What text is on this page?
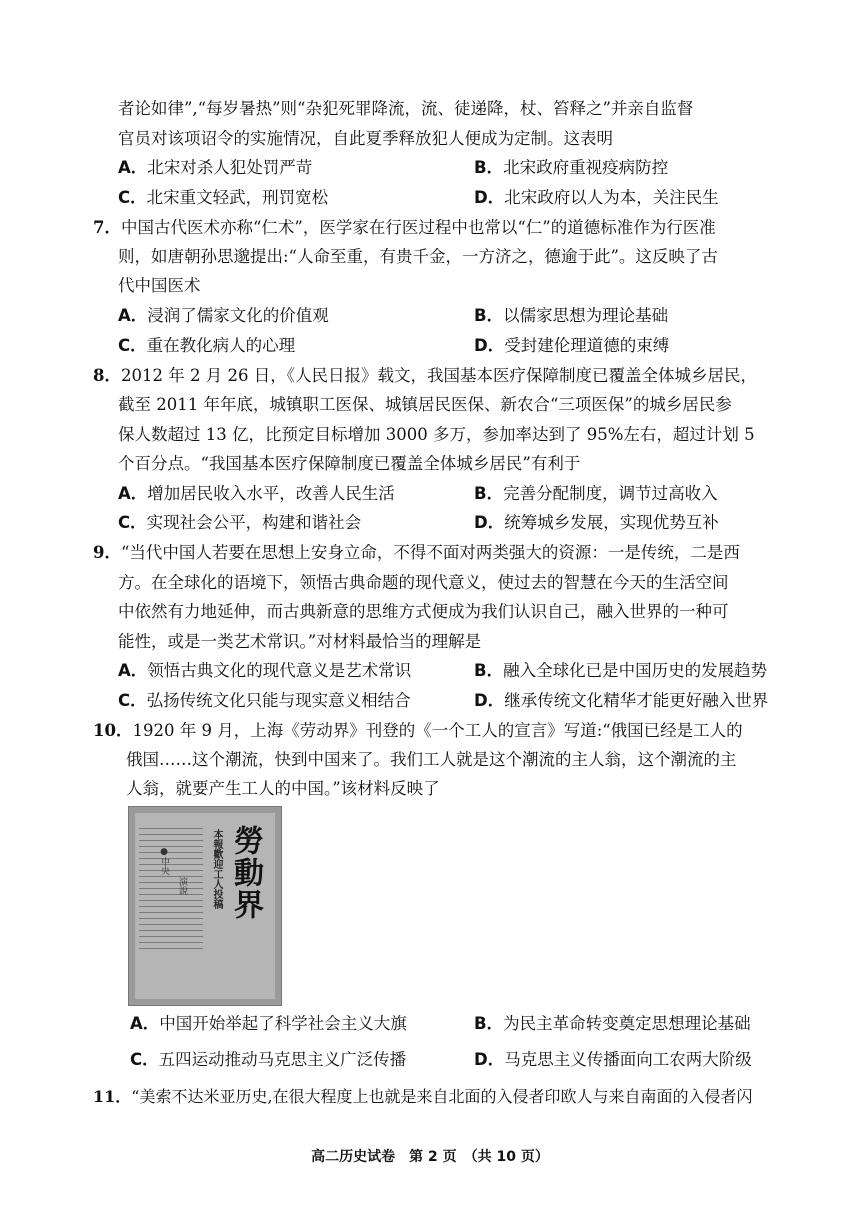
者论如律”,“每岁暑热”则“杂犯死罪降流，流、徒递降，杖、笞释之”并亲自监督
官员对该项诏令的实施情况，自此夏季释放犯人便成为定制。这表明
A．北宋对杀人犯处罚严苛	B．北宋政府重视疫病防控
C．北宋重文轻武，刑罚宽松	D．北宋政府以人为本，关注民生
7．中国古代医术亦称“仁术”，医学家在行医过程中也常以“仁”的道德标准作为行医准
则，如唐朝孙思邈提出:“人命至重，有贵千金，一方济之，德逾于此”。这反映了古
代中国医术
A．浸润了儒家文化的价值观	B．以儒家思想为理论基础
C．重在教化病人的心理	D．受封建伦理道德的束缚
8．2012 年 2 月 26 日，《人民日报》载文，我国基本医疗保障制度已覆盖全体城乡居民，
截至 2011 年年底，城镇职工医保、城镇居民医保、新农合“三项医保”的城乡居民参
保人数超过 13 亿，比预定目标增加 3000 多万，参加率达到了 95%左右，超过计划 5
个百分点。“我国基本医疗保障制度已覆盖全体城乡居民”有利于
A．增加居民收入水平，改善人民生活	B．完善分配制度，调节过高收入
C．实现社会公平，构建和谐社会	D．统筹城乡发展，实现优势互补
9．“当代中国人若要在思想上安身立命，不得不面对两类强大的资源：一是传统，二是西
方。在全球化的语境下，领悟古典命题的现代意义，使过去的智慧在今天的生活空间
中依然有力地延伸，而古典新意的思维方式便成为我们认识自己，融入世界的一种可
能性，或是一类艺术常识。”对材料最恰当的理解是
A．领悟古典文化的现代意义是艺术常识	B．融入全球化已是中国历史的发展趋势
C．弘扬传统文化只能与现实意义相结合	D．继承传统文化精华才能更好融入世界
10．1920 年 9 月，上海《劳动界》刊登的《一个工人的宣言》写道:“俄国已经是工人的
俄国……这个潮流，快到中国来了。我们工人就是这个潮流的主人翁，这个潮流的主
人翁，就要产生工人的中国。”该材料反映了
勞動界
本報歡迎工人投稿
●中央
演說
A．中国开始举起了科学社会主义大旗	B．为民主革命转变奠定思想理论基础
C．五四运动推动马克思主义广泛传播	D．马克思主义传播面向工农两大阶级
11．“美索不达米亚历史,在很大程度上也就是来自北面的入侵者印欧人与来自南面的入侵者闪
高二历史试卷　第 2 页　（共 10 页）
